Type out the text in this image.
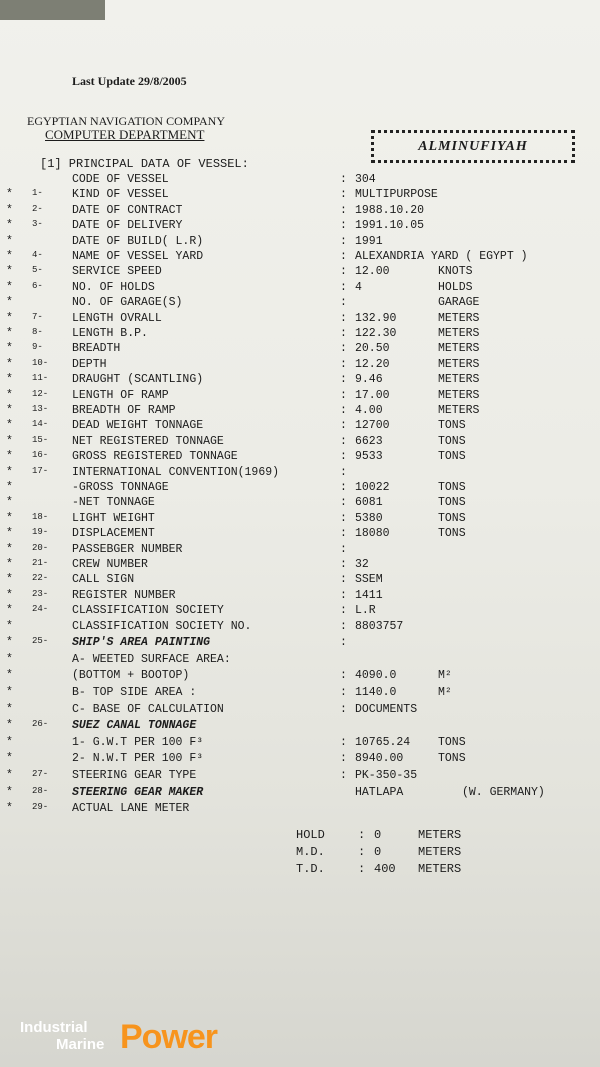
Last Update 29/8/2005
EGYPTIAN NAVIGATION COMPANY
COMPUTER DEPARTMENT
ALMINUFIYAH
[1] PRINCIPAL DATA OF VESSEL:
CODE OF VESSEL	: 304
* 1-	KIND OF VESSEL	: MULTIPURPOSE
* 2-	DATE OF CONTRACT	: 1988.10.20
* 3-	DATE OF DELIVERY	: 1991.10.05
*	DATE OF BUILD( L.R)	: 1991
* 4-	NAME OF VESSEL YARD	: ALEXANDRIA YARD ( EGYPT )
* 5-	SERVICE SPEED	: 12.00	KNOTS
* 6-	NO. OF HOLDS	: 4	HOLDS
*	NO. OF GARAGE(S)	:	GARAGE
* 7-	LENGTH OVRALL	: 132.90	METERS
* 8-	LENGTH B.P.	: 122.30	METERS
* 9-	BREADTH	: 20.50	METERS
* 10- DEPTH	: 12.20	METERS
* 11- DRAUGHT (SCANTLING)	: 9.46	METERS
* 12- LENGTH OF RAMP	: 17.00	METERS
* 13- BREADTH OF RAMP	: 4.00	METERS
* 14- DEAD WEIGHT TONNAGE	: 12700	TONS
* 15- NET REGISTERED TONNAGE	: 6623	TONS
* 16- GROSS REGISTERED TONNAGE	: 9533	TONS
* 17- INTERNATIONAL CONVENTION(1969)	:
*	-GROSS TONNAGE	: 10022	TONS
*	-NET TONNAGE	: 6081	TONS
* 18- LIGHT WEIGHT	: 5380	TONS
* 19- DISPLACEMENT	: 18080	TONS
* 20- PASSEBGER NUMBER	:
* 21- CREW NUMBER	: 32
* 22- CALL SIGN	: SSEM
* 23- REGISTER NUMBER	: 1411
* 24- CLASSIFICATION SOCIETY	: L.R
*	CLASSIFICATION SOCIETY NO.	: 8803757
* 25- SHIP'S AREA PAINTING	:
*	A- WEETED SURFACE AREA:
*	(BOTTOM + BOOTOP)	: 4090.0	M²
*	B- TOP SIDE AREA :	: 1140.0	M²
*	C- BASE OF CALCULATION	: DOCUMENTS
* 26- SUEZ CANAL TONNAGE
*	1- G.W.T PER 100 F³	: 10765.24 TONS
*	2- N.W.T PER 100 F³	: 8940.00	TONS
* 27- STEERING GEAR TYPE	: PK-350-35
* 28- STEERING GEAR MAKER	HATLAPA	(W. GERMANY)
* 29- ACTUAL LANE METER
HOLD	: 0	METERS
M.D.	: 0	METERS
T.D.	: 400 METERS
Industrial
Marine Power
